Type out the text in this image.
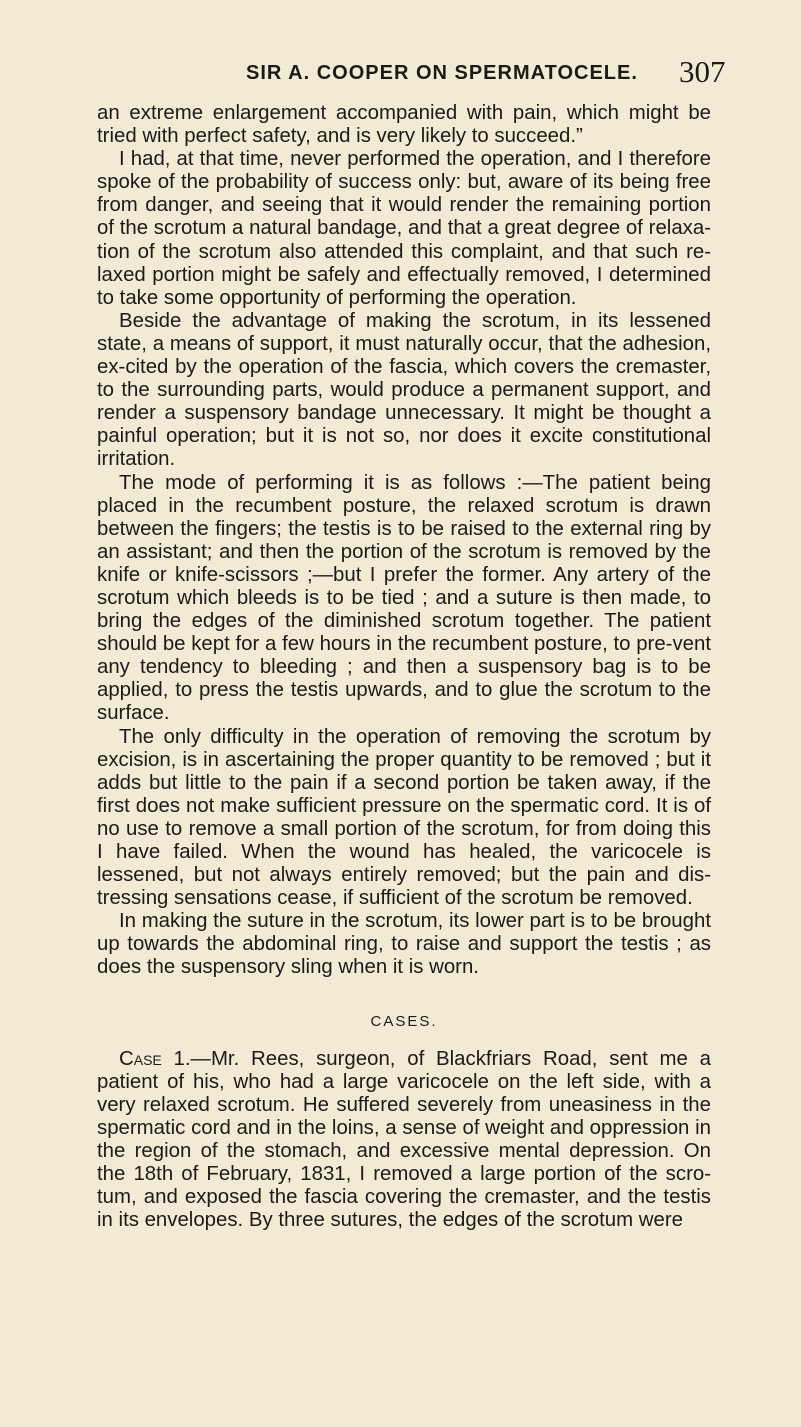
SIR A. COOPER ON SPERMATOCELE. 307

an extreme enlargement accompanied with pain, which might be tried with perfect safety, and is very likely to succeed.”

I had, at that time, never performed the operation, and I therefore spoke of the probability of success only: but, aware of its being free from danger, and seeing that it would render the remaining portion of the scrotum a natural bandage, and that a great degree of relaxa-tion of the scrotum also attended this complaint, and that such re-laxed portion might be safely and effectually removed, I determined to take some opportunity of performing the operation.

Beside the advantage of making the scrotum, in its lessened state, a means of support, it must naturally occur, that the adhesion, ex-cited by the operation of the fascia, which covers the cremaster, to the surrounding parts, would produce a permanent support, and render a suspensory bandage unnecessary. It might be thought a painful operation; but it is not so, nor does it excite constitutional irritation.

The mode of performing it is as follows :—The patient being placed in the recumbent posture, the relaxed scrotum is drawn between the fingers; the testis is to be raised to the external ring by an assistant; and then the portion of the scrotum is removed by the knife or knife-scissors ;—but I prefer the former. Any artery of the scrotum which bleeds is to be tied ; and a suture is then made, to bring the edges of the diminished scrotum together. The patient should be kept for a few hours in the recumbent posture, to pre-vent any tendency to bleeding ; and then a suspensory bag is to be applied, to press the testis upwards, and to glue the scrotum to the surface.

The only difficulty in the operation of removing the scrotum by excision, is in ascertaining the proper quantity to be removed ; but it adds but little to the pain if a second portion be taken away, if the first does not make sufficient pressure on the spermatic cord. It is of no use to remove a small portion of the scrotum, for from doing this I have failed. When the wound has healed, the varicocele is lessened, but not always entirely removed; but the pain and dis-tressing sensations cease, if sufficient of the scrotum be removed.

In making the suture in the scrotum, its lower part is to be brought up towards the abdominal ring, to raise and support the testis ; as does the suspensory sling when it is worn.

CASES.

Case 1.—Mr. Rees, surgeon, of Blackfriars Road, sent me a patient of his, who had a large varicocele on the left side, with a very relaxed scrotum. He suffered severely from uneasiness in the spermatic cord and in the loins, a sense of weight and oppression in the region of the stomach, and excessive mental depression. On the 18th of February, 1831, I removed a large portion of the scro-tum, and exposed the fascia covering the cremaster, and the testis in its envelopes. By three sutures, the edges of the scrotum were
